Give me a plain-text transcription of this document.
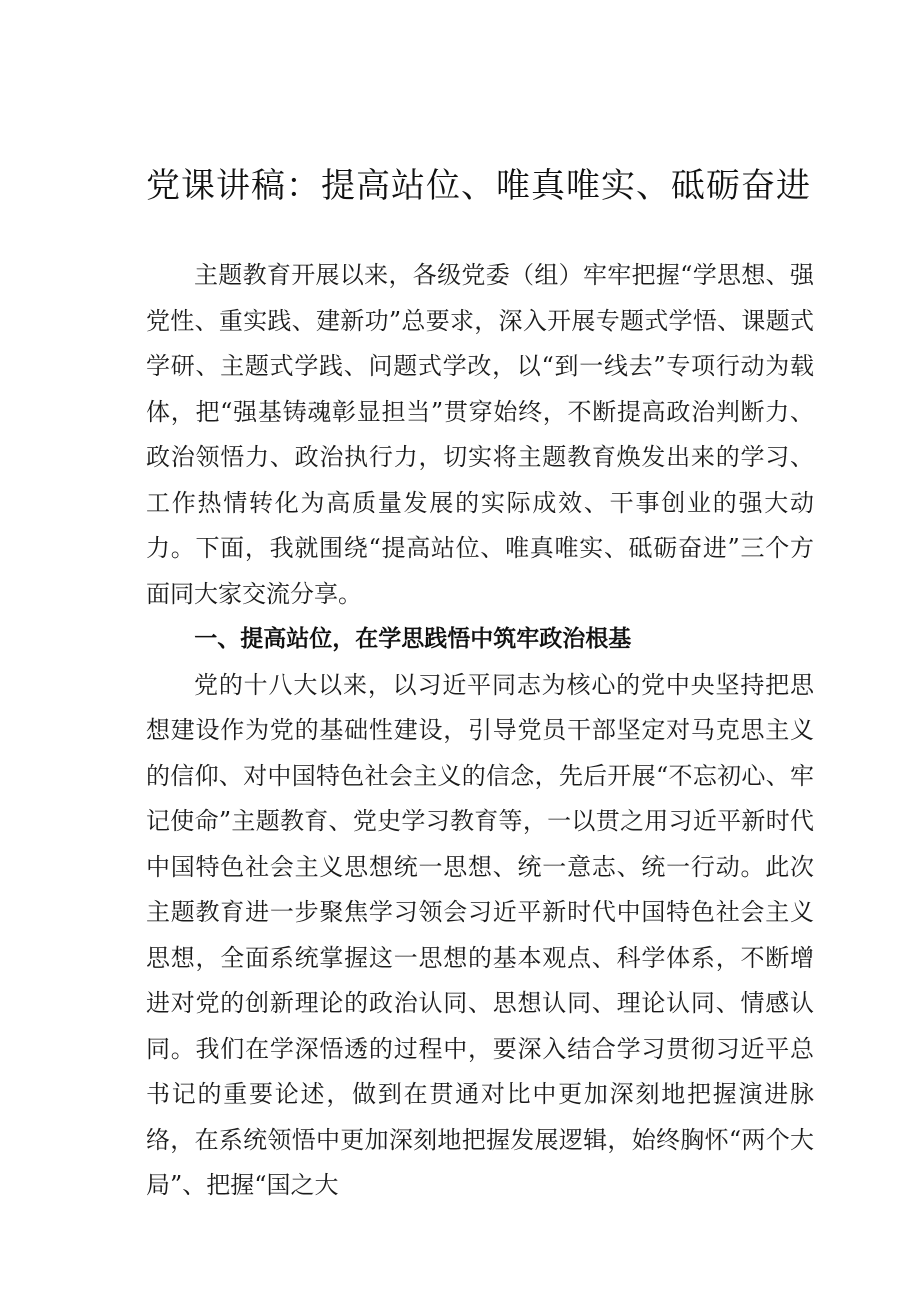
党课讲稿：提高站位、唯真唯实、砥砺奋进

主题教育开展以来，各级党委（组）牢牢把握“学思想、强党性、重实践、建新功”总要求，深入开展专题式学悟、课题式学研、主题式学践、问题式学改，以“到一线去”专项行动为载体，把“强基铸魂彰显担当”贯穿始终，不断提高政治判断力、政治领悟力、政治执行力，切实将主题教育焕发出来的学习、工作热情转化为高质量发展的实际成效、干事创业的强大动力。下面，我就围绕“提高站位、唯真唯实、砥砺奋进”三个方面同大家交流分享。

一、提高站位，在学思践悟中筑牢政治根基

党的十八大以来，以习近平同志为核心的党中央坚持把思想建设作为党的基础性建设，引导党员干部坚定对马克思主义的信仰、对中国特色社会主义的信念，先后开展“不忘初心、牢记使命”主题教育、党史学习教育等，一以贯之用习近平新时代中国特色社会主义思想统一思想、统一意志、统一行动。此次主题教育进一步聚焦学习领会习近平新时代中国特色社会主义思想，全面系统掌握这一思想的基本观点、科学体系，不断增进对党的创新理论的政治认同、思想认同、理论认同、情感认同。我们在学深悟透的过程中，要深入结合学习贯彻习近平总书记的重要论述，做到在贯通对比中更加深刻地把握演进脉络，在系统领悟中更加深刻地把握发展逻辑，始终胸怀“两个大局”、把握“国之大
